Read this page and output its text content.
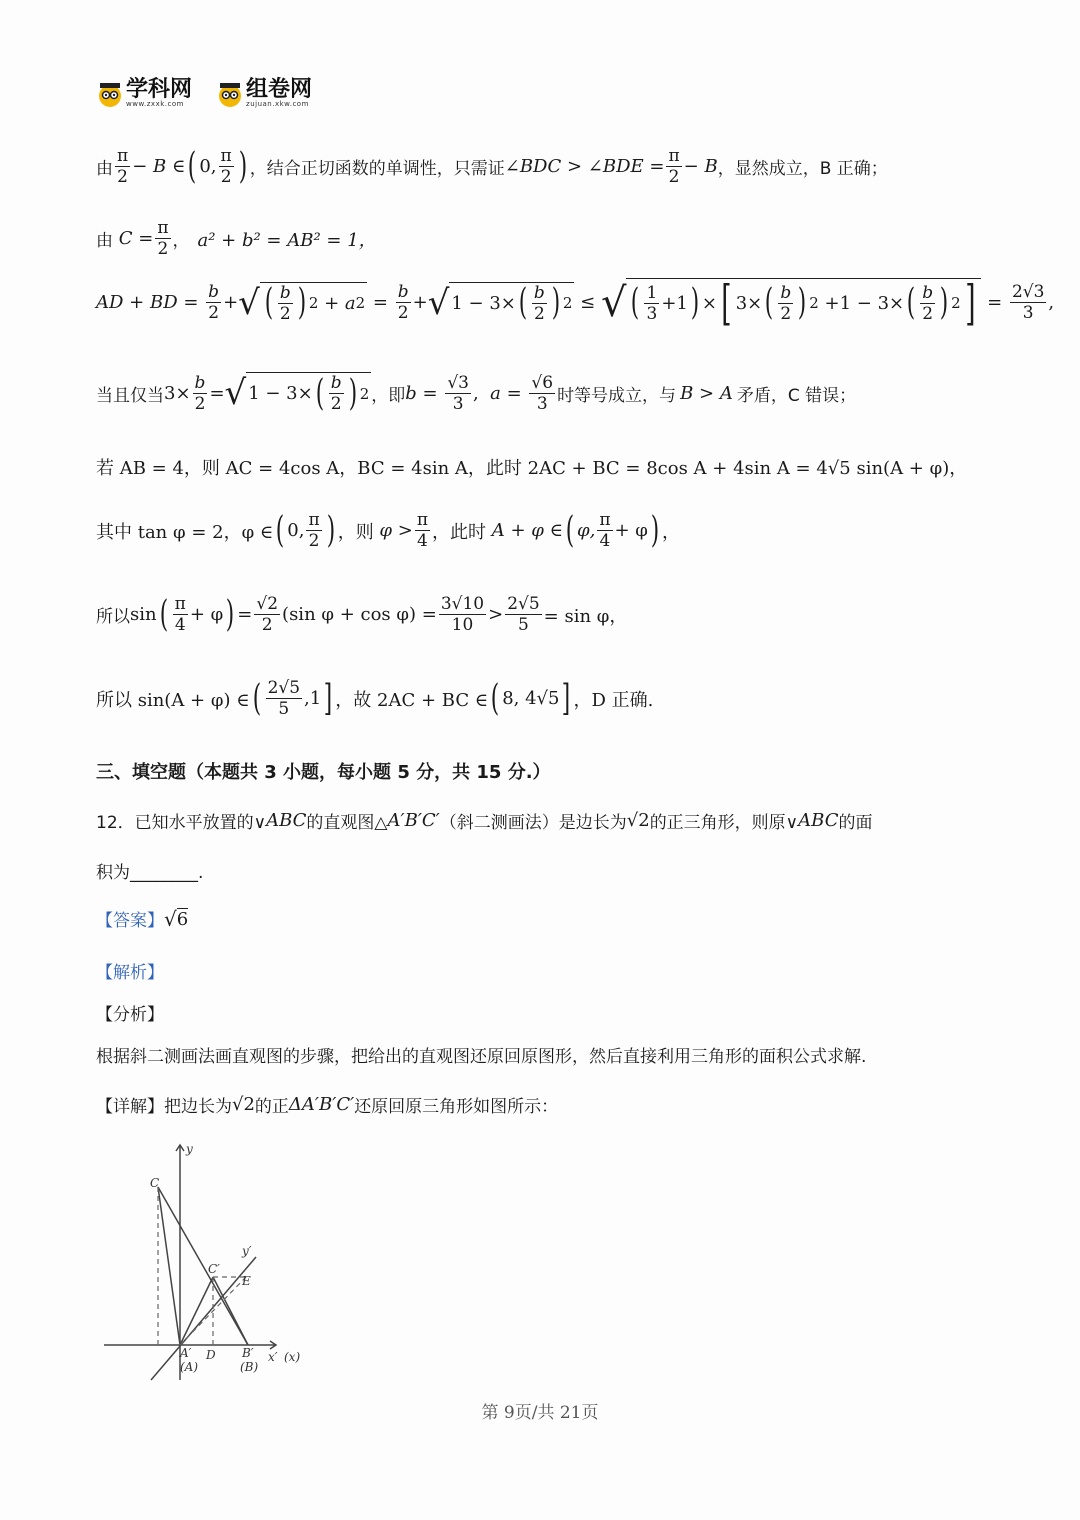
学科网
www.zxxk.com
组卷网
zujuan.xkw.com
由 $\frac{\pi}{2} - B$ ∈ ( 0, $\frac{\pi}{2}$ ) ，结合正切函数的单调性，只需证 ∠BDC > ∠BDE = $\frac{\pi}{2} - B$ ，显然成立，B 正确；
由 $C = \frac{\pi}{2}$ ， a² + b² = AB² = 1，
AD + BD = $\frac{b}{2}$ + √ ( $\frac{b}{2}$ ) 2 + a $2 = \frac{b}{2}$ + √ 1 − 3× ( $\frac{b}{2}$ ) 2 ≤ √ ( $\frac{1}{3} +1$ ) × [ 3× ( $\frac{b}{2}$ ) 2 +1 − 3× ( $\frac{b}{2}$ ) 2 ] = $\frac{2√3}{3}$ ,
当且仅当 $3\times \frac{b}{2}$ = √ 1 − 3× ( $\frac{b}{2}$ ) 2 ，即 $b = \frac{√3}{3}$ , $a = \frac{√6}{3}$ 时等号成立，与 B > A 矛盾，C 错误；
若 AB = 4，则 AC = 4cos A，BC = 4sin A，此时 2AC + BC = 8cos A + 4sin A = 4√5 sin(A + φ)，
其中 tan φ = 2，φ ∈ ( 0, $\frac{\pi}{2}$ ) ，则 $\varphi > \frac{\pi}{4}$ ，此时 A + φ ∈ ( φ, $\frac{\pi}{4} + \varphi$ ) ，
所以 sin ( $\frac{\pi}{4} + \varphi$ ) = $\frac{√2}{2} (\sin$ $\varphi + \cos \varphi) = \frac{3√10}{10} > \frac{2√5}{5} = \sin \varphi$，
所以 sin(A + φ) ∈ ( $\frac{2√5}{5} ,1$ ] ，故 2AC + BC ∈ ( 8, 4√5 ] ，D 正确.
三、填空题（本题共 3 小题，每小题 5 分，共 15 分.）
12．已知水平放置的∨ ABC 的直观图△ A′B′C′ （斜二测画法）是边长为 √2 的正三角形，则原∨ ABC 的面
积为________.
【答案】 √ 6
【解析】
【分析】
根据斜二测画法画直观图的步骤，把给出的直观图还原回原图形，然后直接利用三角形的面积公式求解.
【详解】 把边长为 √2 的正 ΔA′B′C′ 还原回原三角形如图所示：
y
C
C′
y′
E
A′
(A)
D B′
(B)
x′ (x)
第 9页/共 21页
